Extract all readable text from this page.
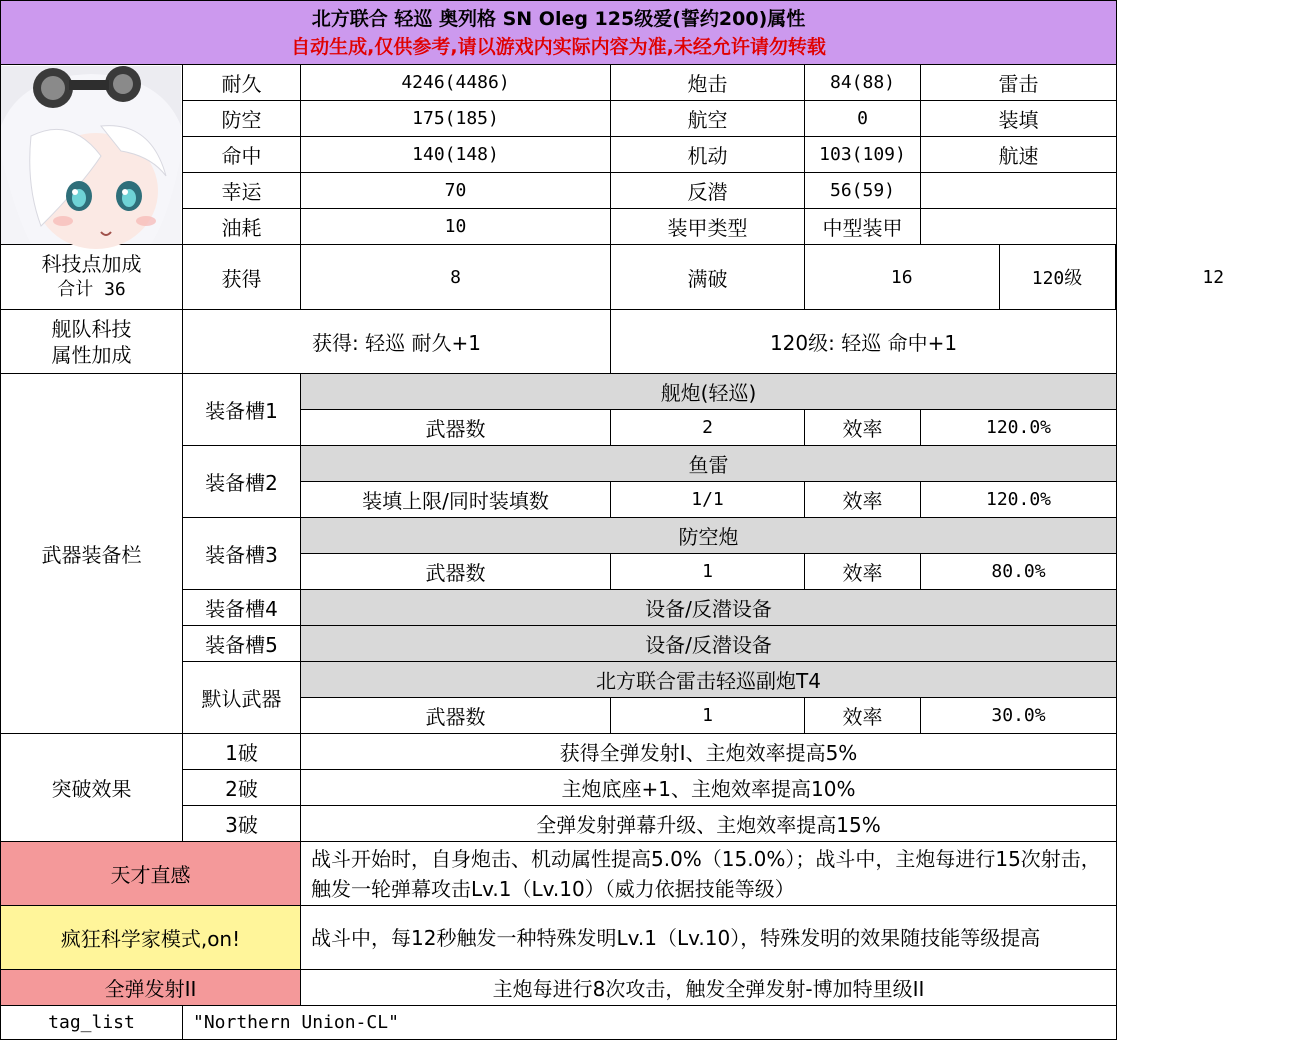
北方联合 轻巡 奥列格 SN Oleg 125级爱(誓约200)属性
自动生成,仅供参考,请以游戏内实际内容为准,未经允许请勿转载

	耐久	4246(4486)	炮击	84(88)	雷击	
防空	175(185)	航空	0	装填	
命中	140(148)	机动	103(109)	航速	
幸运	70	反潜	56(59)		
油耗	10	装甲类型	中型装甲		

科技点加成
合计 36	获得	8	满破		16	120级	12

舰队科技
属性加成	获得: 轻巡 耐久+1	120级: 轻巡 命中+1
武器装备栏	装备槽1	舰炮(轻巡)
武器数	2	效率	120.0%
装备槽2	鱼雷
装填上限/同时装填数	1/1	效率	120.0%
装备槽3	防空炮
武器数	1	效率	80.0%
装备槽4	设备/反潜设备
装备槽5	设备/反潜设备
默认武器	北方联合雷击轻巡副炮T4
武器数	1	效率	30.0%
突破效果	1破	获得全弹发射I、主炮效率提高5%
2破	主炮底座+1、主炮效率提高10%
3破	全弹发射弹幕升级、主炮效率提高15%
天才直感	战斗开始时，自身炮击、机动属性提高5.0%（15.0%）；战斗中，主炮每进行15次射击，触发一轮弹幕攻击Lv.1（Lv.10）（威力依据技能等级）
疯狂科学家模式,on!	战斗中，每12秒触发一种特殊发明Lv.1（Lv.10），特殊发明的效果随技能等级提高
全弹发射II	主炮每进行8次攻击，触发全弹发射-博加特里级II
tag_list	"Northern Union-CL"
